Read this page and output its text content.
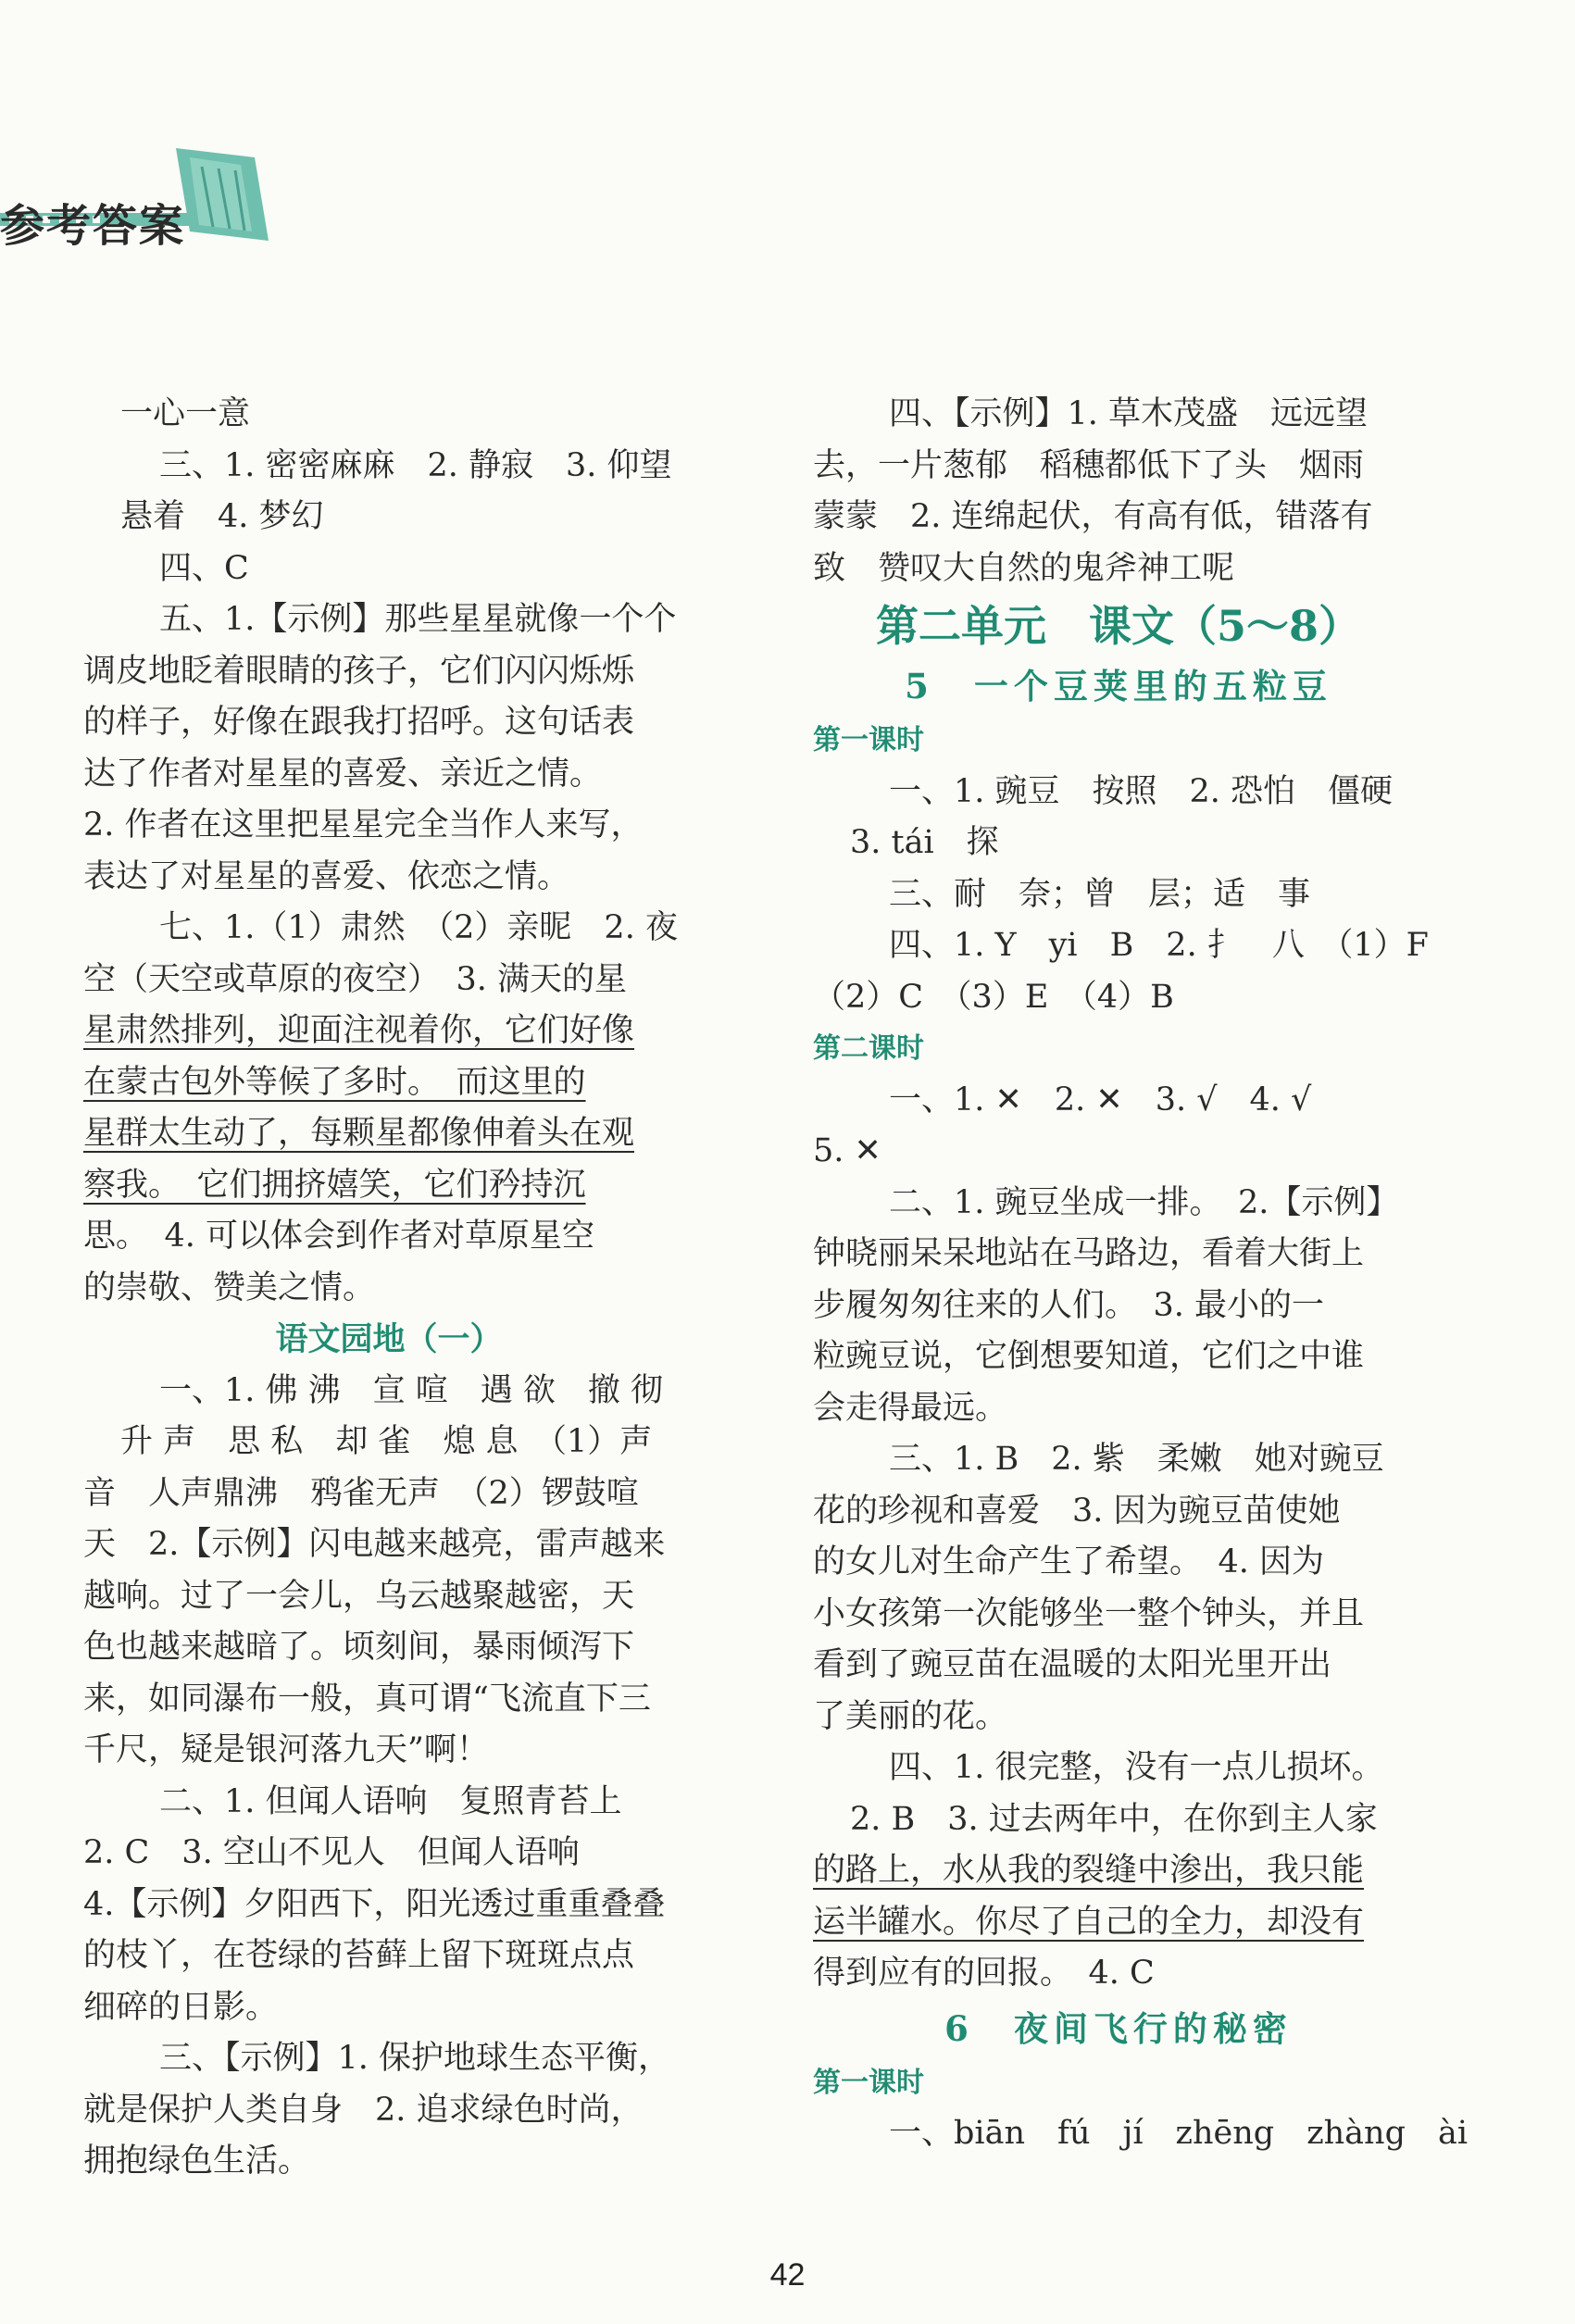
参考答案
一心一意
三、1. 密密麻麻　2. 静寂　3. 仰望
悬着　4. 梦幻
四、C
五、1.【示例】那些星星就像一个个
调皮地眨着眼睛的孩子，它们闪闪烁烁
的样子，好像在跟我打招呼。这句话表
达了作者对星星的喜爱、亲近之情。
2. 作者在这里把星星完全当作人来写，
表达了对星星的喜爱、依恋之情。
七、1.（1）肃然　（2）亲昵　2. 夜
空（天空或草原的夜空）　3. 满天的星
星肃然排列，迎面注视着你，它们好像
在蒙古包外等候了多时。　而这里的
星群太生动了，每颗星都像伸着头在观
察我。　它们拥挤嬉笑，它们矜持沉
思。　4. 可以体会到作者对草原星空
的崇敬、赞美之情。
语文园地（一）
一、1. 佛 沸　宣 喧　遇 欲　撤 彻
升 声　思 私　却 雀　熄 息　（1）声
音　人声鼎沸　鸦雀无声　（2）锣鼓喧
天　2.【示例】闪电越来越亮，雷声越来
越响。过了一会儿，乌云越聚越密，天
色也越来越暗了。顷刻间，暴雨倾泻下
来，如同瀑布一般，真可谓“飞流直下三
千尺，疑是银河落九天”啊！
二、1. 但闻人语响　复照青苔上
2. C　3. 空山不见人　但闻人语响
4.【示例】夕阳西下，阳光透过重重叠叠
的枝丫，在苍绿的苔藓上留下斑斑点点
细碎的日影。
三、【示例】1. 保护地球生态平衡，
就是保护人类自身　2. 追求绿色时尚，
拥抱绿色生活。
四、【示例】1. 草木茂盛　远远望
去，一片葱郁　稻穗都低下了头　烟雨
蒙蒙　2. 连绵起伏，有高有低，错落有
致　赞叹大自然的鬼斧神工呢
第二单元　课文（5～8）
5　一个豆荚里的五粒豆
第一课时
一、1. 豌豆　按照　2. 恐怕　僵硬
3. tái　探
三、耐　奈；曾　层；适　事
四、1. Y　yi　B　2. 扌　八　（1）F
（2）C　（3）E　（4）B
第二课时
一、1. ✕　2. ✕　3. √　4. √
5. ✕
二、1. 豌豆坐成一排。　2.【示例】
钟晓丽呆呆地站在马路边，看着大街上
步履匆匆往来的人们。　3. 最小的一
粒豌豆说，它倒想要知道，它们之中谁
会走得最远。
三、1. B　2. 紫　柔嫩　她对豌豆
花的珍视和喜爱　3. 因为豌豆苗使她
的女儿对生命产生了希望。　4. 因为
小女孩第一次能够坐一整个钟头，并且
看到了豌豆苗在温暖的太阳光里开出
了美丽的花。
四、1. 很完整，没有一点儿损坏。
2. B　3. 过去两年中，在你到主人家
的路上，水从我的裂缝中渗出，我只能
运半罐水。你尽了自己的全力，却没有
得到应有的回报。　4. C
6　夜间飞行的秘密
第一课时
一、biān　fú　jí　zhēng　zhàng　ài
42
